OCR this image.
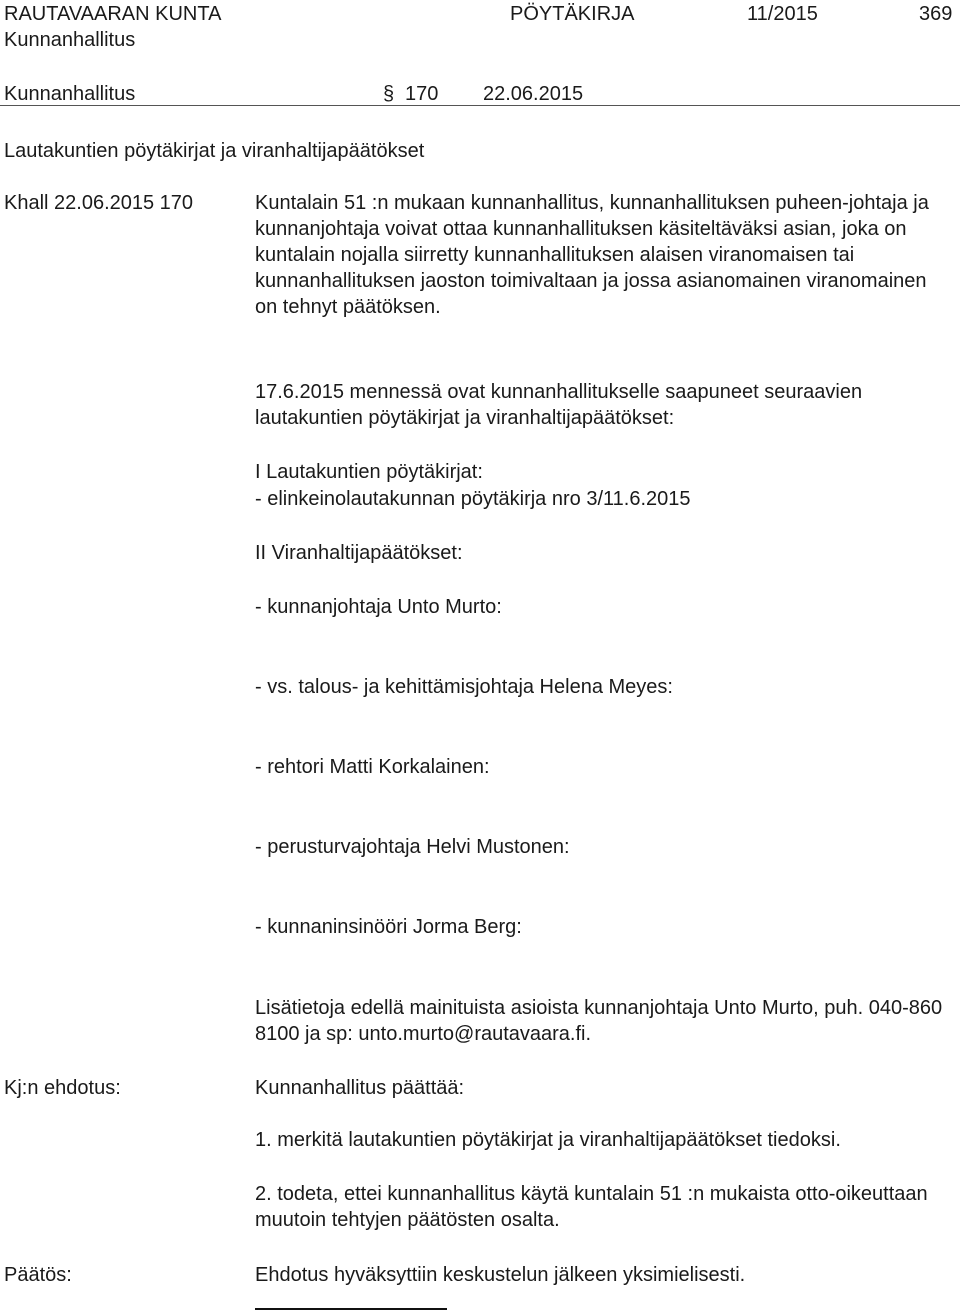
RAUTAVAARAN KUNTA	PÖYTÄKIRJA	11/2015	369
Kunnanhallitus
Kunnanhallitus	§ 170 22.06.2015
Lautakuntien pöytäkirjat ja viranhaltijapäätökset
Khall 22.06.2015 170	Kuntalain 51 :n mukaan kunnanhallitus, kunnanhallituksen puheen-johtaja ja kunnanjohtaja voivat ottaa kunnanhallituksen käsiteltäväksi asian, joka on kuntalain nojalla siirretty kunnanhallituksen alaisen viranomaisen tai kunnanhallituksen jaoston toimivaltaan ja jossa asianomainen viranomainen on tehnyt päätöksen.
17.6.2015 mennessä ovat kunnanhallitukselle saapuneet seuraavien lautakuntien pöytäkirjat ja viranhaltijapäätökset:
I Lautakuntien pöytäkirjat:
- elinkeinolautakunnan pöytäkirja nro 3/11.6.2015
II Viranhaltijapäätökset:
- kunnanjohtaja Unto Murto:
- vs. talous- ja kehittämisjohtaja Helena Meyes:
- rehtori Matti Korkalainen:
- perusturvajohtaja Helvi Mustonen:
- kunnaninsinööri Jorma Berg:
Lisätietoja edellä mainituista asioista kunnanjohtaja Unto Murto, puh. 040-860 8100 ja sp: unto.murto@rautavaara.fi.
Kj:n ehdotus:	Kunnanhallitus päättää:
1. merkitä lautakuntien pöytäkirjat ja viranhaltijapäätökset tiedoksi.
2. todeta, ettei kunnanhallitus käytä kuntalain 51 :n mukaista otto-oikeuttaan muutoin tehtyjen päätösten osalta.
Päätös:	Ehdotus hyväksyttiin keskustelun jälkeen yksimielisesti.
